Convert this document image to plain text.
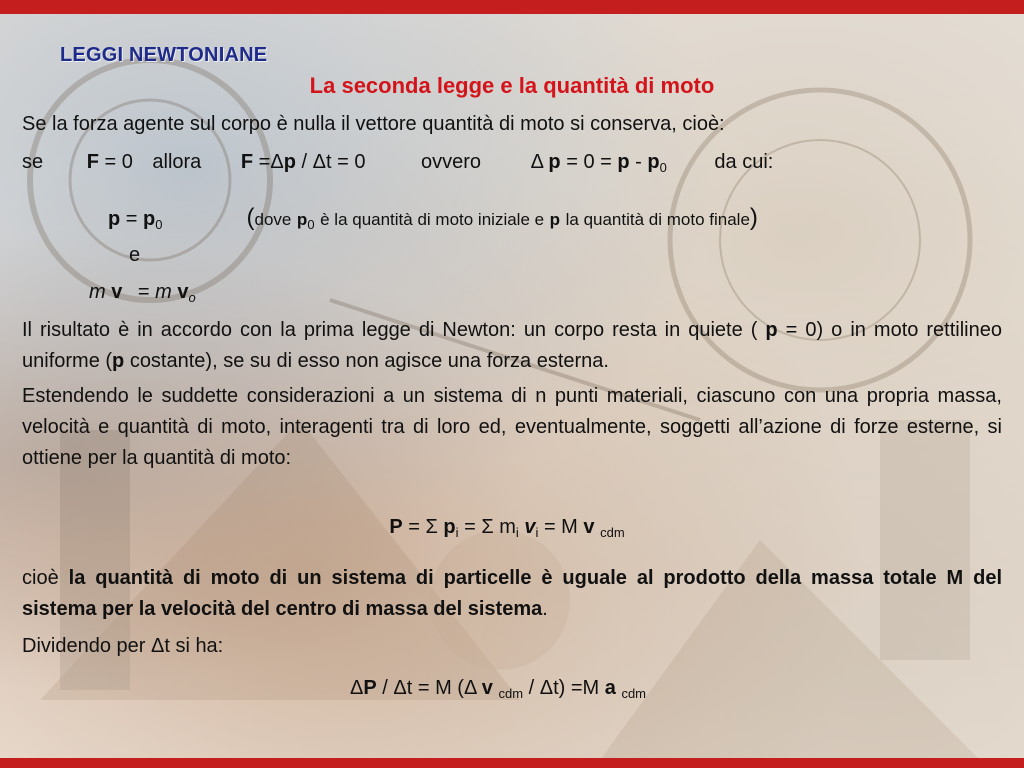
LEGGI NEWTONIANE
La seconda legge e la quantità di moto
Se la forza agente sul corpo è nulla il vettore quantità di moto si conserva, cioè:
se F = 0 allora F =Δp / Δt = 0	ovvero Δ $p = 0 = p - p_0$ da cui:
$p = p_0$	(dove $p_0$ è la quantità di moto iniziale e p la quantità di moto finale)
e
m v = m $v_o$
Il risultato è in accordo con la prima legge di Newton: un corpo resta in quiete ( p = 0) o in moto rettilineo uniforme (p costante), se su di esso non agisce una forza esterna.
Estendendo le suddette considerazioni a un sistema di n punti materiali, ciascuno con una propria massa, velocità e quantità di moto, interagenti tra di loro ed, eventualmente, soggetti all’azione di forze esterne, si ottiene per la quantità di moto:
P = Σ $p_i = \Sigma$ $m_i$ $v_i = M$ v $_{cdm}$
cioè la quantità di moto di un sistema di particelle è uguale al prodotto della massa totale M del sistema per la velocità del centro di massa del sistema.
Dividendo per Δt si ha:
ΔP / Δt = M (Δ v $_{cdm}$ / Δt) =M a $_{cdm}$
